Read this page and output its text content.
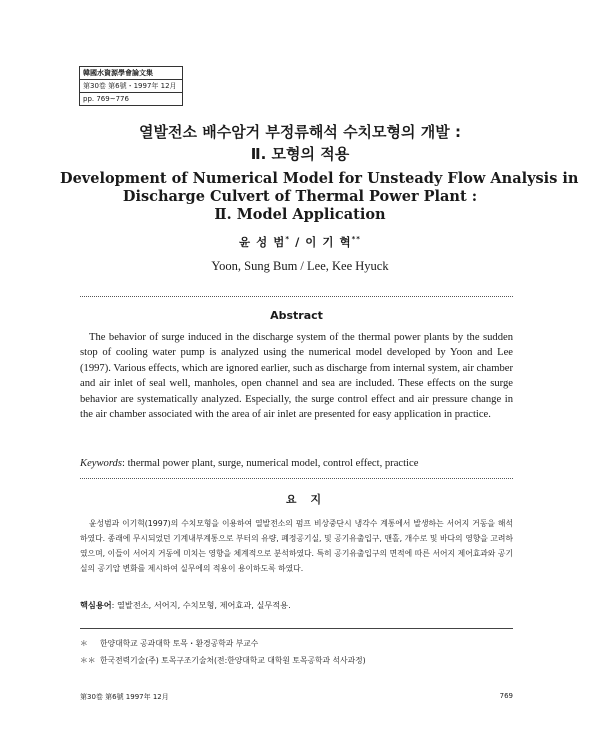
韓國水資源學會論文集
第30卷 第6號・1997年 12月
pp. 769~776
열발전소 배수암거 부정류해석 수치모형의 개발 :
Ⅱ. 모형의 적용
Development of Numerical Model for Unsteady Flow Analysis in
Discharge Culvert of Thermal Power Plant :
Ⅱ. Model Application
윤 성 범* / 이 기 혁**
Yoon, Sung Bum / Lee, Kee Hyuck
Abstract
The behavior of surge induced in the discharge system of the thermal power plants by the sudden stop of cooling water pump is analyzed using the numerical model developed by Yoon and Lee (1997). Various effects, which are ignored earlier, such as discharge from internal system, air chamber and air inlet of seal well, manholes, open channel and sea are included. These effects on the surge behavior are systematically analyzed. Especially, the surge control effect and air pressure change in the air chamber associated with the area of air inlet are presented for easy application in practice.
Keywords: thermal power plant, surge, numerical model, control effect, practice
요지
윤성범과 이기혁(1997)의 수치모형을 이용하여 열발전소의 펌프 비상중단시 냉각수 계통에서 발생하는 서어지 거동을 해석하였다. 종래에 무시되었던 기계내부계통으로 부터의 유량, 폐정공기실, 및 공기유출입구, 맨홀, 개수로 및 바다의 영향을 고려하였으며, 이들이 서어지 거동에 미치는 영향을 체계적으로 분석하였다. 특히 공기유출입구의 면적에 따른 서어지 제어효과와 공기실의 공기압 변화를 제시하여 실무에의 적용이 용이하도록 하였다.
핵심용어: 열발전소, 서어지, 수치모형, 제어효과, 실무적용.
＊ 한양대학교 공과대학 토목・환경공학과 부교수
＊＊ 한국전력기술(주) 토목구조기술처(전:한양대학교 대학원 토목공학과 석사과정)
第30卷 第6號 1997年 12月	769
